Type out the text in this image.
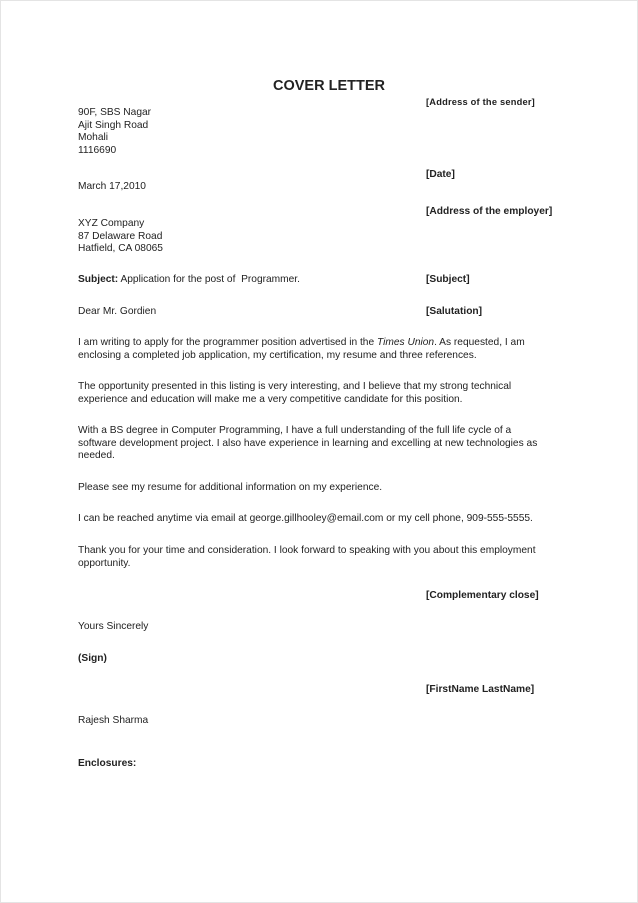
COVER LETTER
[Address of the sender]
90F, SBS Nagar
Ajit Singh Road
Mohali
1116690
[Date]
March 17,2010
[Address of the employer]
XYZ Company
87 Delaware Road
Hatfield, CA 08065
Subject: Application for the post of  Programmer.	[Subject]
Dear Mr. Gordien	[Salutation]
I am writing to apply for the programmer position advertised in the Times Union. As requested, I am
enclosing a completed job application, my certification, my resume and three references.
The opportunity presented in this listing is very interesting, and I believe that my strong technical
experience and education will make me a very competitive candidate for this position.
With a BS degree in Computer Programming, I have a full understanding of the full life cycle of a
software development project. I also have experience in learning and excelling at new technologies as
needed.
Please see my resume for additional information on my experience.
I can be reached anytime via email at george.gillhooley@email.com or my cell phone, 909-555-5555.
Thank you for your time and consideration. I look forward to speaking with you about this employment
opportunity.
[Complementary close]
Yours Sincerely
(Sign)
[FirstName LastName]
Rajesh Sharma
Enclosures:
